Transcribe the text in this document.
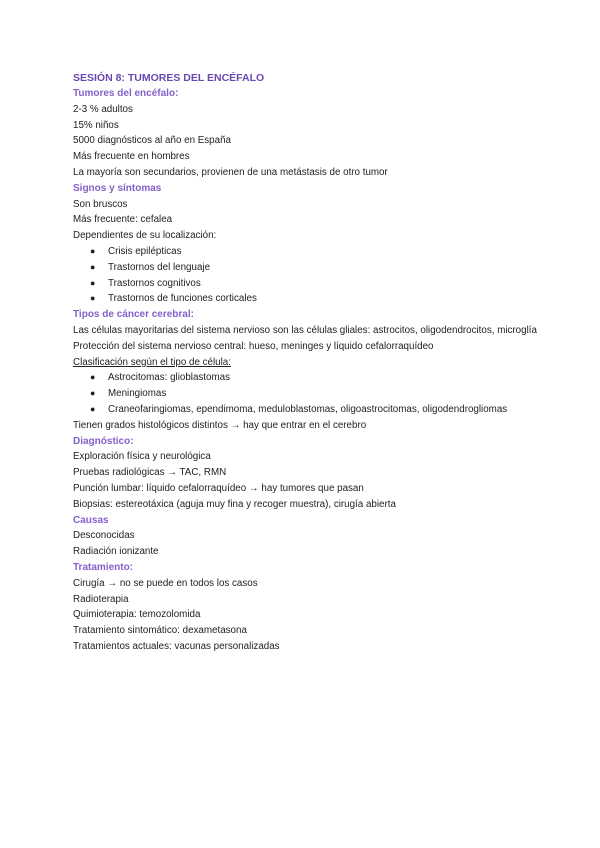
SESIÓN 8: TUMORES DEL ENCÉFALO
Tumores del encéfalo:
2-3 % adultos
15% niños
5000 diagnósticos al año en España
Más frecuente en hombres
La mayoría son secundarios, provienen de una metástasis de otro tumor
Signos y síntomas
Son bruscos
Más frecuente: cefalea
Dependientes de su localización:
● Crisis epilépticas
● Trastornos del lenguaje
● Trastornos cognitivos
● Trastornos de funciones corticales
Tipos de cáncer cerebral:
Las células mayoritarias del sistema nervioso son las células gliales: astrocitos, oligodendrocitos, microglía
Protección del sistema nervioso central: hueso, meninges y líquido cefalorraquídeo
Clasificación según el tipo de célula:
● Astrocitomas: glioblastomas
● Meningiomas
● Craneofaringiomas, ependimoma, meduloblastomas, oligoastrocitomas, oligodendrogliomas
Tienen grados histológicos distintos → hay que entrar en el cerebro
Diagnóstico:
Exploración física y neurológica
Pruebas radiológicas → TAC, RMN
Punción lumbar: líquido cefalorraquídeo → hay tumores que pasan
Biopsias: estereotáxica (aguja muy fina y recoger muestra), cirugía abierta
Causas
Desconocidas
Radiación ionizante
Tratamiento:
Cirugía → no se puede en todos los casos
Radioterapia
Quimioterapia: temozolomida
Tratamiento sintomático: dexametasona
Tratamientos actuales: vacunas personalizadas
